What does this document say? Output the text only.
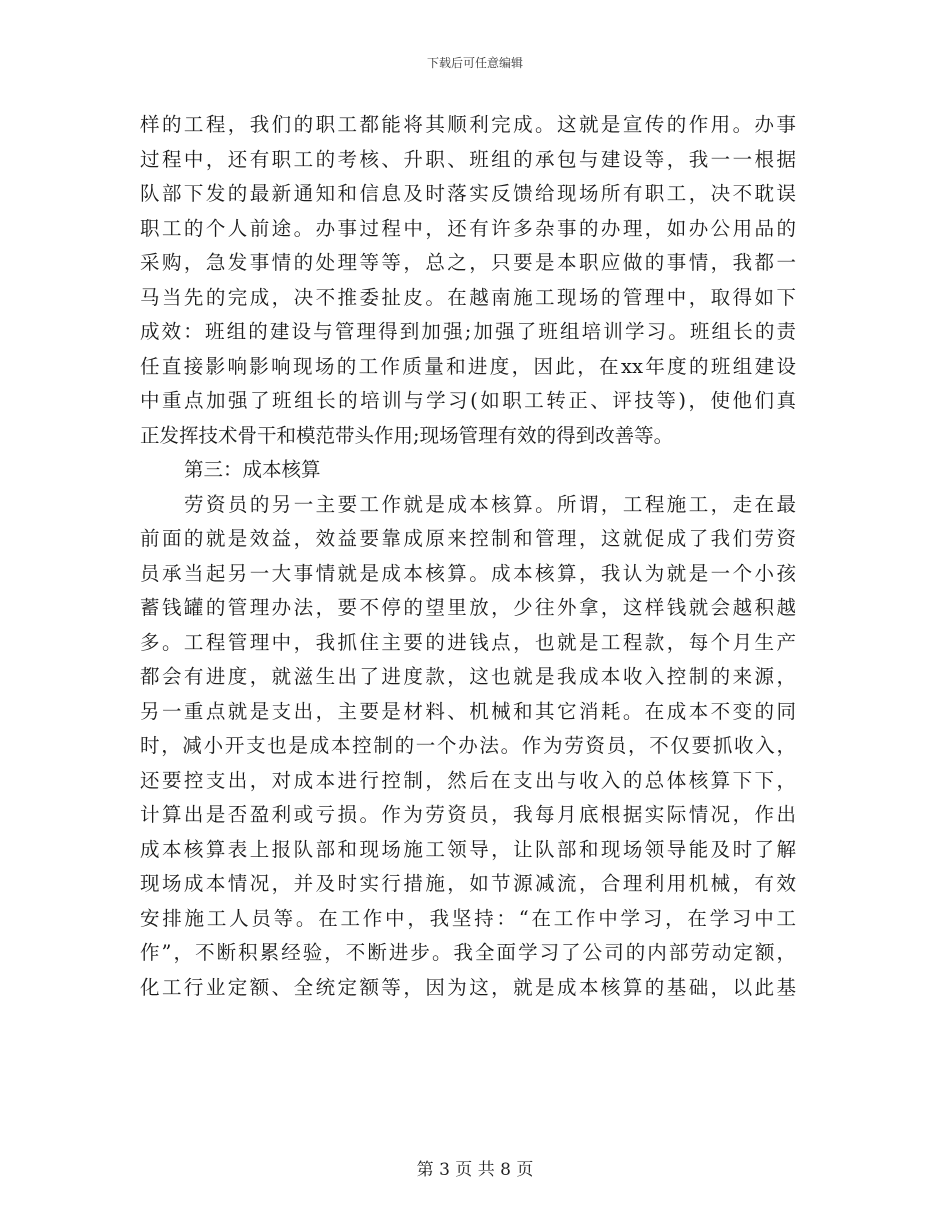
下载后可任意编辑
样的工程，我们的职工都能将其顺利完成。这就是宣传的作用。办事
过程中，还有职工的考核、升职、班组的承包与建设等，我一一根据
队部下发的最新通知和信息及时落实反馈给现场所有职工，决不耽误
职工的个人前途。办事过程中，还有许多杂事的办理，如办公用品的
采购，急发事情的处理等等，总之，只要是本职应做的事情，我都一
马当先的完成，决不推委扯皮。在越南施工现场的管理中，取得如下
成效：班组的建设与管理得到加强;加强了班组培训学习。班组长的责
任直接影响影响现场的工作质量和进度，因此，在xx年度的班组建设
中重点加强了班组长的培训与学习(如职工转正、评技等)，使他们真
正发挥技术骨干和模范带头作用;现场管理有效的得到改善等。
第三：成本核算
劳资员的另一主要工作就是成本核算。所谓，工程施工，走在最
前面的就是效益，效益要靠成原来控制和管理，这就促成了我们劳资
员承当起另一大事情就是成本核算。成本核算，我认为就是一个小孩
蓄钱罐的管理办法，要不停的望里放，少往外拿，这样钱就会越积越
多。工程管理中，我抓住主要的进钱点，也就是工程款，每个月生产
都会有进度，就滋生出了进度款，这也就是我成本收入控制的来源，
另一重点就是支出，主要是材料、机械和其它消耗。在成本不变的同
时，减小开支也是成本控制的一个办法。作为劳资员，不仅要抓收入，
还要控支出，对成本进行控制，然后在支出与收入的总体核算下下，
计算出是否盈利或亏损。作为劳资员，我每月底根据实际情况，作出
成本核算表上报队部和现场施工领导，让队部和现场领导能及时了解
现场成本情况，并及时实行措施，如节源减流，合理利用机械，有效
安排施工人员等。在工作中，我坚持：“在工作中学习，在学习中工
作”，不断积累经验，不断进步。我全面学习了公司的内部劳动定额，
化工行业定额、全统定额等，因为这，就是成本核算的基础，以此基
第 3 页 共 8 页
